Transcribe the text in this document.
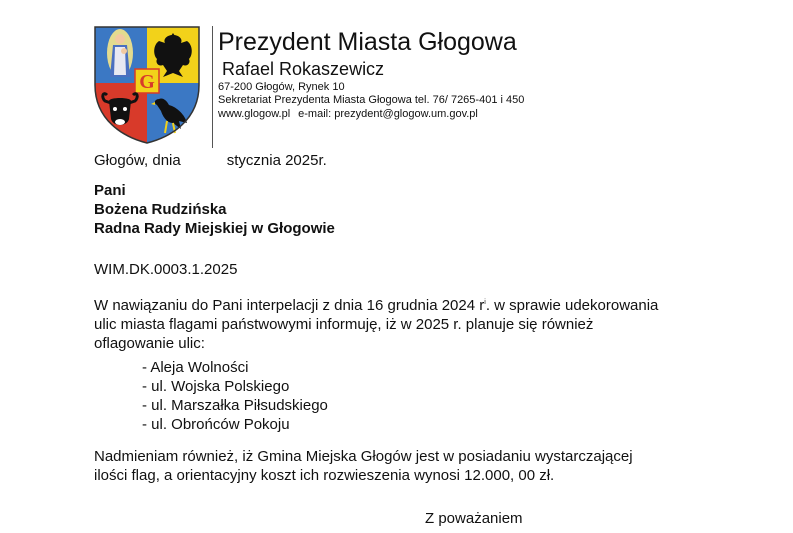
G
Prezydent Miasta Głogowa
Rafael Rokaszewicz
67-200 Głogów, Rynek 10
Sekretariat Prezydenta Miasta Głogowa tel. 76/ 7265-401 i 450
www.glogow.pl e-mail: prezydent@glogow.um.gov.pl
Głogów, dnia	stycznia 2025r.
Pani
Bożena Rudzińska
Radna Rady Miejskiej w Głogowie
WIM.DK.0003.1.2025
W nawiązaniu do Pani interpelacji z dnia 16 grudnia 2024 $r^i$. w sprawie udekorowania
ulic miasta flagami państwowymi informuję, iż w 2025 r. planuje się również
oflagowanie ulic:
- Aleja Wolności
- ul. Wojska Polskiego
- ul. Marszałka Piłsudskiego
- ul. Obrońców Pokoju
Nadmieniam również, iż Gmina Miejska Głogów jest w posiadaniu wystarczającej
ilości flag, a orientacyjny koszt ich rozwieszenia wynosi 12.000, 00 zł.
Z poważaniem
